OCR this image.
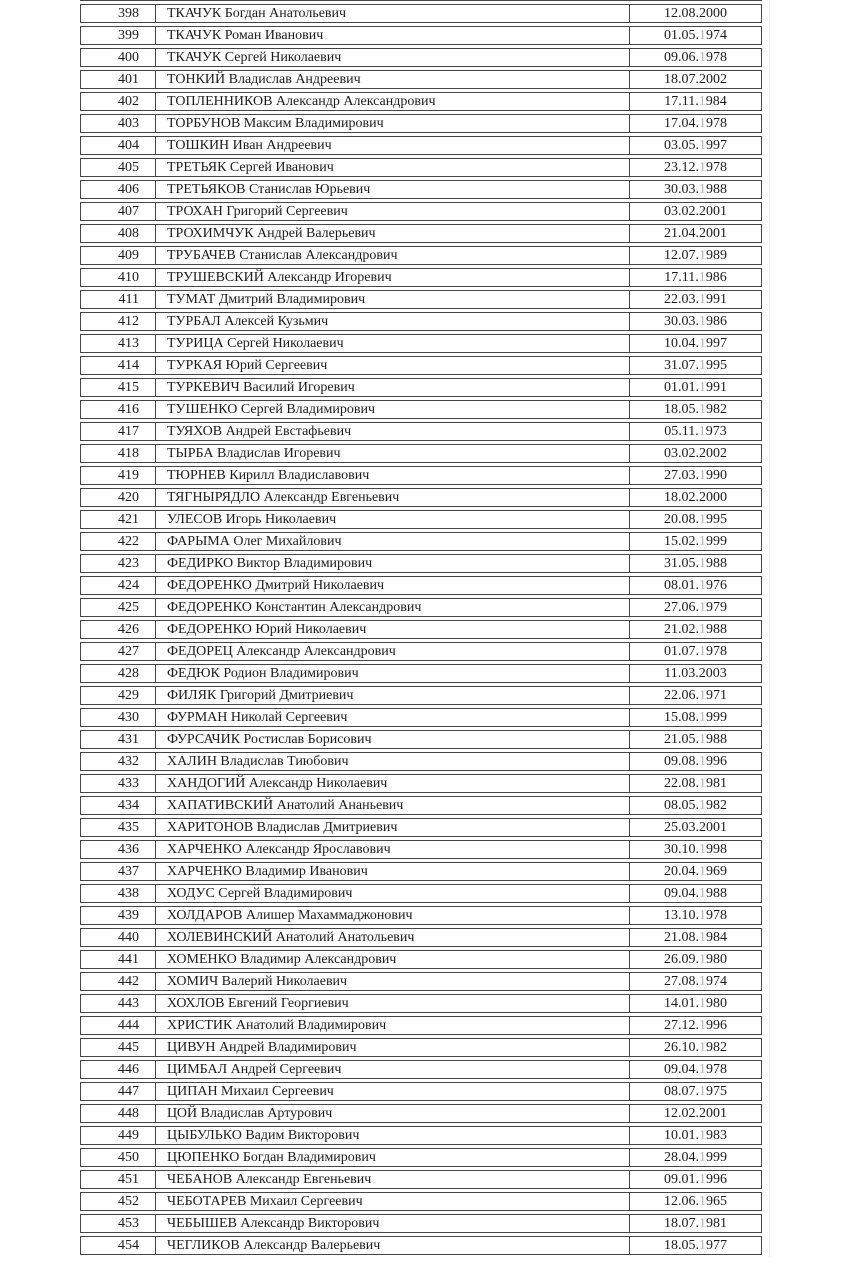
398	ТКАЧУК Богдан Анатольевич	12.08.2000
399	ТКАЧУК Роман Иванович	01.05.1974
400	ТКАЧУК Сергей Николаевич	09.06.1978
401	ТОНКИЙ Владислав Андреевич	18.07.2002
402	ТОПЛЕННИКОВ Александр Александрович	17.11.1984
403	ТОРБУНОВ Максим Владимирович	17.04.1978
404	ТОШКИН Иван Андреевич	03.05.1997
405	ТРЕТЬЯК Сергей Иванович	23.12.1978
406	ТРЕТЬЯКОВ Станислав Юрьевич	30.03.1988
407	ТРОХАН Григорий Сергеевич	03.02.2001
408	ТРОХИМЧУК Андрей Валерьевич	21.04.2001
409	ТРУБАЧЕВ Станислав Александрович	12.07.1989
410	ТРУШЕВСКИЙ Александр Игоревич	17.11.1986
411	ТУМАТ Дмитрий Владимирович	22.03.1991
412	ТУРБАЛ Алексей Кузьмич	30.03.1986
413	ТУРИЦА Сергей Николаевич	10.04.1997
414	ТУРКАЯ Юрий Сергеевич	31.07.1995
415	ТУРКЕВИЧ Василий Игоревич	01.01.1991
416	ТУШЕНКО Сергей Владимирович	18.05.1982
417	ТУЯХОВ Андрей Евстафьевич	05.11.1973
418	ТЫРБА Владислав Игоревич	03.02.2002
419	ТЮРНЕВ Кирилл Владиславович	27.03.1990
420	ТЯГНЫРЯДЛО Александр Евгеньевич	18.02.2000
421	УЛЕСОВ Игорь Николаевич	20.08.1995
422	ФАРЫМА Олег Михайлович	15.02.1999
423	ФЕДИРКО Виктор Владимирович	31.05.1988
424	ФЕДОРЕНКО Дмитрий Николаевич	08.01.1976
425	ФЕДОРЕНКО Константин Александрович	27.06.1979
426	ФЕДОРЕНКО Юрий Николаевич	21.02.1988
427	ФЕДОРЕЦ Александр Александрович	01.07.1978
428	ФЕДЮК Родион Владимирович	11.03.2003
429	ФИЛЯК Григорий Дмитриевич	22.06.1971
430	ФУРМАН Николай Сергеевич	15.08.1999
431	ФУРСАЧИК Ростислав Борисович	21.05.1988
432	ХАЛИН Владислав Тиюбович	09.08.1996
433	ХАНДОГИЙ Александр Николаевич	22.08.1981
434	ХАПАТИВСКИЙ Анатолий Ананьевич	08.05.1982
435	ХАРИТОНОВ Владислав Дмитриевич	25.03.2001
436	ХАРЧЕНКО Александр Ярославович	30.10.1998
437	ХАРЧЕНКО Владимир Иванович	20.04.1969
438	ХОДУС Сергей Владимирович	09.04.1988
439	ХОЛДАРОВ Алишер Махаммаджонович	13.10.1978
440	ХОЛЕВИНСКИЙ Анатолий Анатольевич	21.08.1984
441	ХОМЕНКО Владимир Александрович	26.09.1980
442	ХОМИЧ Валерий Николаевич	27.08.1974
443	ХОХЛОВ Евгений Георгиевич	14.01.1980
444	ХРИСТИК Анатолий Владимирович	27.12.1996
445	ЦИВУН Андрей Владимирович	26.10.1982
446	ЦИМБАЛ Андрей Сергеевич	09.04.1978
447	ЦИПАН Михаил Сергеевич	08.07.1975
448	ЦОЙ Владислав Артурович	12.02.2001
449	ЦЫБУЛЬКО Вадим Викторович	10.01.1983
450	ЦЮПЕНКО Богдан Владимирович	28.04.1999
451	ЧЕБАНОВ Александр Евгеньевич	09.01.1996
452	ЧЕБОТАРЕВ Михаил Сергеевич	12.06.1965
453	ЧЕБЫШЕВ Александр Викторович	18.07.1981
454	ЧЕГЛИКОВ Александр Валерьевич	18.05.1977
